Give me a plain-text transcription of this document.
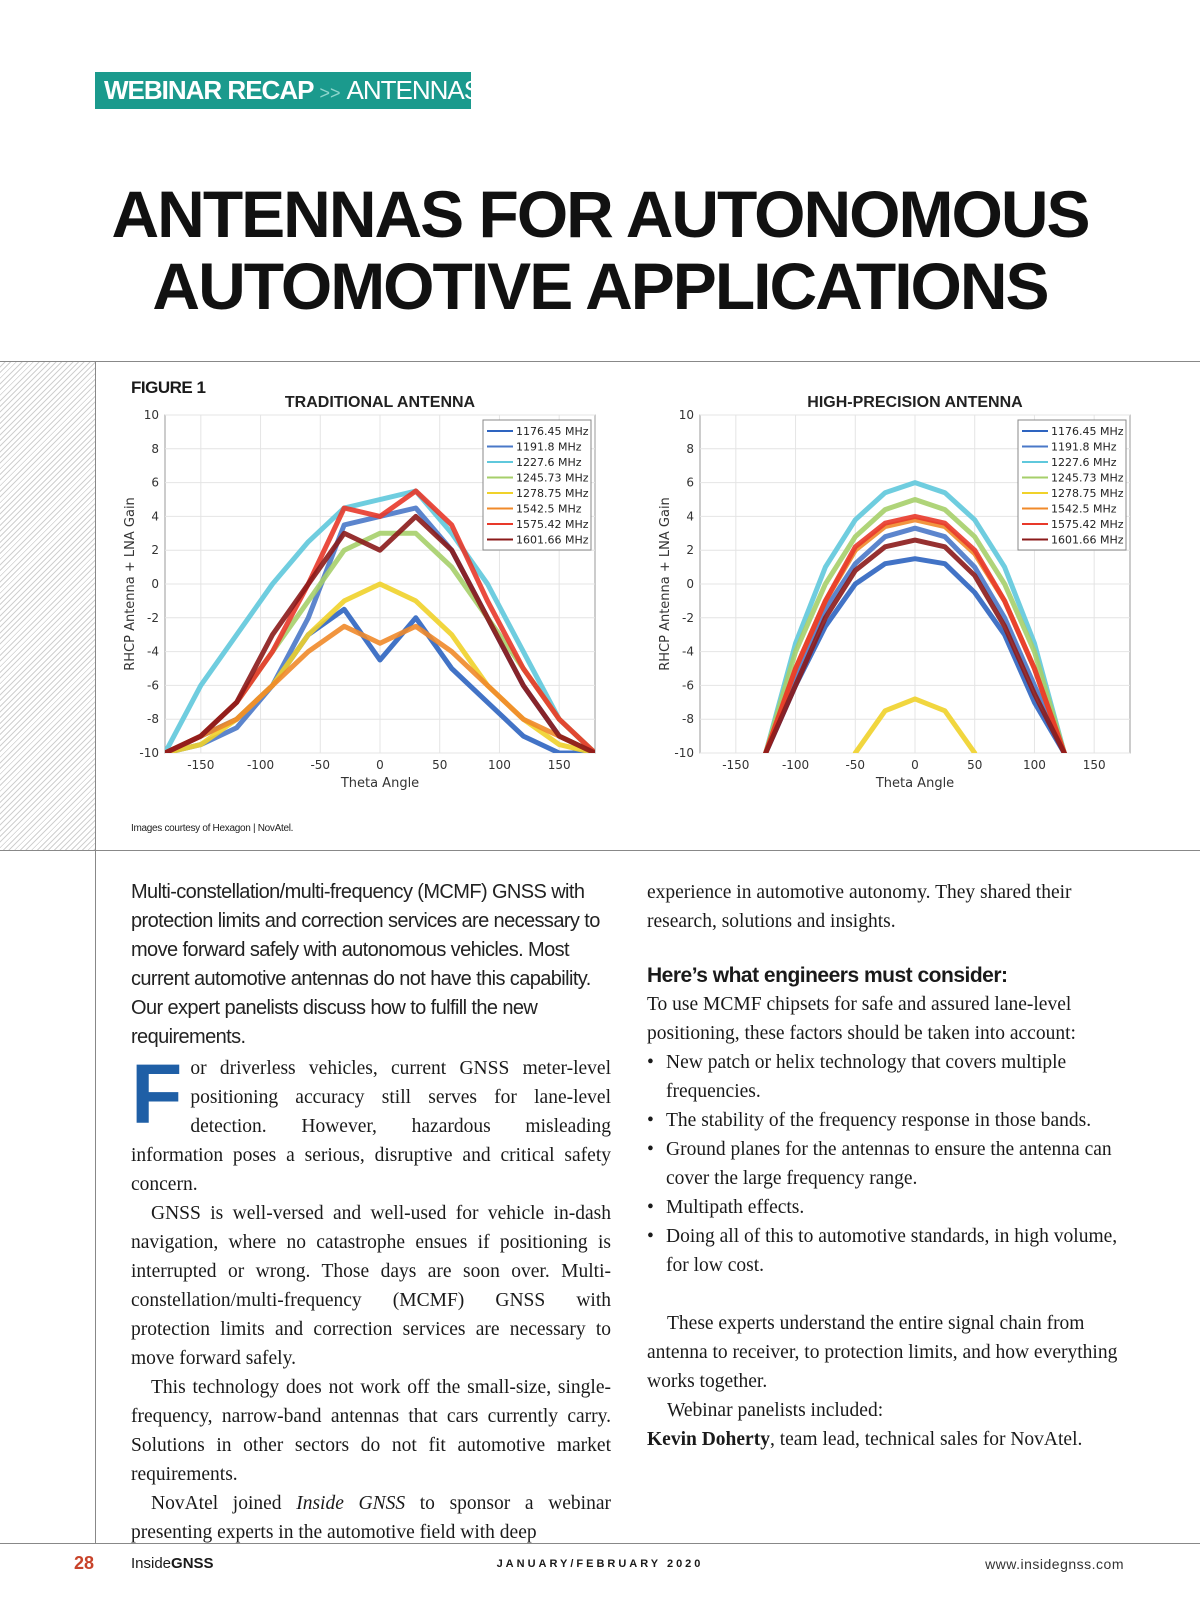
WEBINAR RECAP >> ANTENNAS
ANTENNAS FOR AUTONOMOUS
AUTOMOTIVE APPLICATIONS
FIGURE 1
TRADITIONAL ANTENNA
-150	-100	-50	0	50	100	150
10
8
6
4
2
0
-2
-4
-6
-8
-10
Theta Angle
RHCP Antenna + LNA Gain
1176.45 MHz
1191.8 MHz
1227.6 MHz
1245.73 MHz
1278.75 MHz
1542.5 MHz
1575.42 MHz
1601.66 MHz
HIGH-PRECISION ANTENNA
-150	-100	-50	0	50	100	150
10
8
6
4
2
0
-2
-4
-6
-8
-10
Theta Angle
RHCP Antenna + LNA Gain
1176.45 MHz
1191.8 MHz
1227.6 MHz
1245.73 MHz
1278.75 MHz
1542.5 MHz
1575.42 MHz
1601.66 MHz
Images courtesy of Hexagon | NovAtel.
Multi-constellation/multi-frequency (MCMF) GNSS with protection limits and correction services are necessary to move forward safely with autonomous vehicles. Most current automotive antennas do not have this capability. Our expert panelists discuss how to fulfill the new requirements.

For driverless vehicles, current GNSS meter-level positioning accuracy still serves for lane-level detection. However, hazardous misleading information poses a serious, disruptive and critical safety concern.

GNSS is well-versed and well-used for vehicle in-dash navigation, where no catastrophe ensues if positioning is interrupted or wrong. Those days are soon over. Multi-constellation/multi-frequency (MCMF) GNSS with protection limits and correction services are necessary to move forward safely.

This technology does not work off the small-size, single-frequency, narrow-band antennas that cars currently carry. Solutions in other sectors do not fit automotive market requirements.

NovAtel joined Inside GNSS to sponsor a webinar presenting experts in the automotive field with deep

experience in automotive autonomy. They shared their research, solutions and insights.

Here’s what engineers must consider:

To use MCMF chipsets for safe and assured lane-level positioning, these factors should be taken into account:

• New patch or helix technology that covers multiple frequencies.
• The stability of the frequency response in those bands.
• Ground planes for the antennas to ensure the antenna can cover the large frequency range.
• Multipath effects.
• Doing all of this to automotive standards, in high volume, for low cost.

These experts understand the entire signal chain from antenna to receiver, to protection limits, and how everything works together.

Webinar panelists included:

Kevin Doherty, team lead, technical sales for NovAtel.

28 InsideGNSS	JANUARY/FEBRUARY 2020	www.insidegnss.com
